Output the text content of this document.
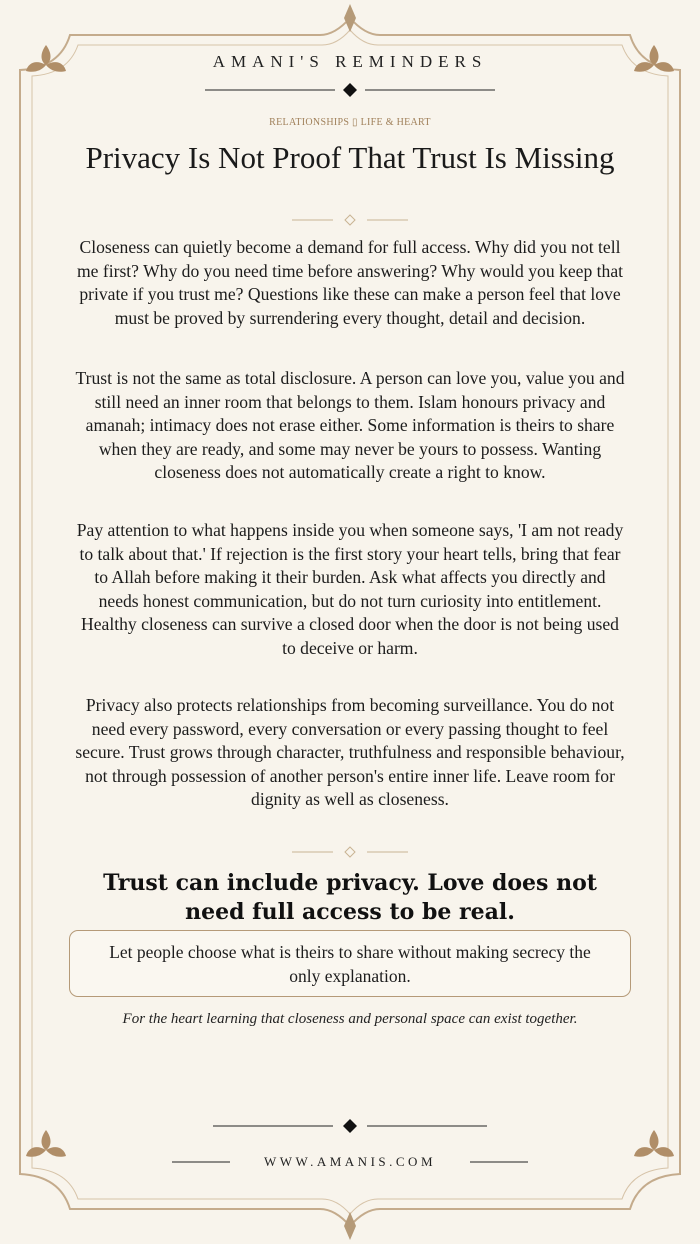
AMANI'S REMINDERS
RELATIONSHIPS ▯ LIFE & HEART
Privacy Is Not Proof That Trust Is Missing
Closeness can quietly become a demand for full access. Why did you not tell me first? Why do you need time before answering? Why would you keep that private if you trust me? Questions like these can make a person feel that love must be proved by surrendering every thought, detail and decision.
Trust is not the same as total disclosure. A person can love you, value you and still need an inner room that belongs to them. Islam honours privacy and amanah; intimacy does not erase either. Some information is theirs to share when they are ready, and some may never be yours to possess. Wanting closeness does not automatically create a right to know.
Pay attention to what happens inside you when someone says, 'I am not ready to talk about that.' If rejection is the first story your heart tells, bring that fear to Allah before making it their burden. Ask what affects you directly and needs honest communication, but do not turn curiosity into entitlement. Healthy closeness can survive a closed door when the door is not being used to deceive or harm.
Privacy also protects relationships from becoming surveillance. You do not need every password, every conversation or every passing thought to feel secure. Trust grows through character, truthfulness and responsible behaviour, not through possession of another person's entire inner life. Leave room for dignity as well as closeness.
Trust can include privacy. Love does not need full access to be real.
Let people choose what is theirs to share without making secrecy the only explanation.
For the heart learning that closeness and personal space can exist together.
WWW.AMANIS.COM
